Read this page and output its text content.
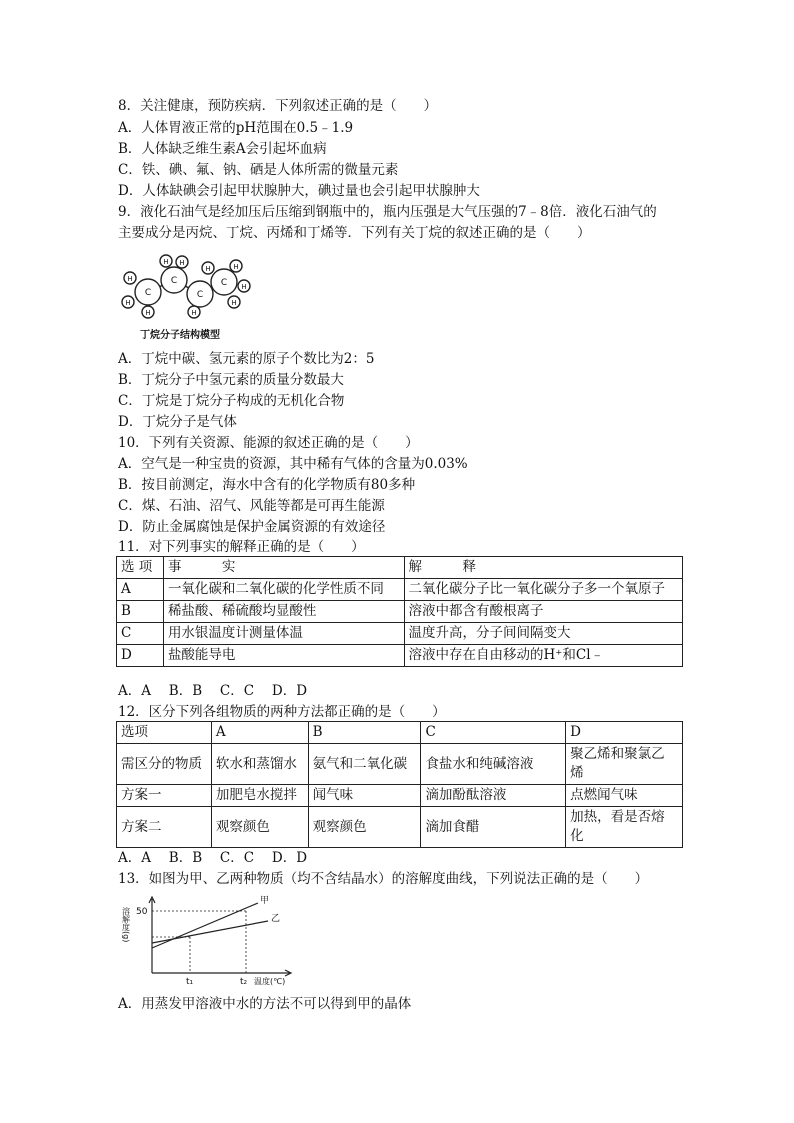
8．关注健康，预防疾病．下列叙述正确的是（　　）
A．人体胃液正常的pH范围在0.5﹣1.9
B．人体缺乏维生素A会引起坏血病
C．铁、碘、氟、钠、硒是人体所需的微量元素
D．人体缺碘会引起甲状腺肿大，碘过量也会引起甲状腺肿大
9．液化石油气是经加压后压缩到钢瓶中的，瓶内压强是大气压强的7﹣8倍．液化石油气的
主要成分是丙烷、丁烷、丙烯和丁烯等．下列有关丁烷的叙述正确的是（　　）
C
C
C
C
H
H
H
H H
H
H	H
H
H
丁烷分子结构模型
A．丁烷中碳、氢元素的原子个数比为2：5
B．丁烷分子中氢元素的质量分数最大
C．丁烷是丁烷分子构成的无机化合物
D．丁烷分子是气体
10．下列有关资源、能源的叙述正确的是（　　）
A．空气是一种宝贵的资源，其中稀有气体的含量为0.03%
B．按目前测定，海水中含有的化学物质有80多种
C．煤、石油、沼气、风能等都是可再生能源
D．防止金属腐蚀是保护金属资源的有效途径
11．对下列事实的解释正确的是（　　）
选 项	事　　　实	解　　　释
A	一氧化碳和二氧化碳的化学性质不同	二氧化碳分子比一氧化碳分子多一个氧原子
B	稀盐酸、稀硫酸均显酸性	溶液中都含有酸根离子
C	用水银温度计测量体温	温度升高，分子间间隔变大
D	盐酸能导电	溶液中存在自由移动的H⁺和Cl﹣
A．A　 B．B　 C．C　 D．D
12．区分下列各组物质的两种方法都正确的是（　　）
选项	A	B	C	D
需区分的物质	软水和蒸馏水	氨气和二氧化碳	食盐水和纯碱溶液	聚乙烯和聚氯乙烯
方案一	加肥皂水搅拌	闻气味	滴加酚酞溶液	点燃闻气味
方案二	观察颜色	观察颜色	滴加食醋	加热，看是否熔化
A．A　 B．B　 C．C　 D．D
13．如图为甲、乙两种物质（均不含结晶水）的溶解度曲线，下列说法正确的是（　　）
溶解度(g) 50
t₁	t₂ 温度(℃)
甲
乙
A．用蒸发甲溶液中水的方法不可以得到甲的晶体
